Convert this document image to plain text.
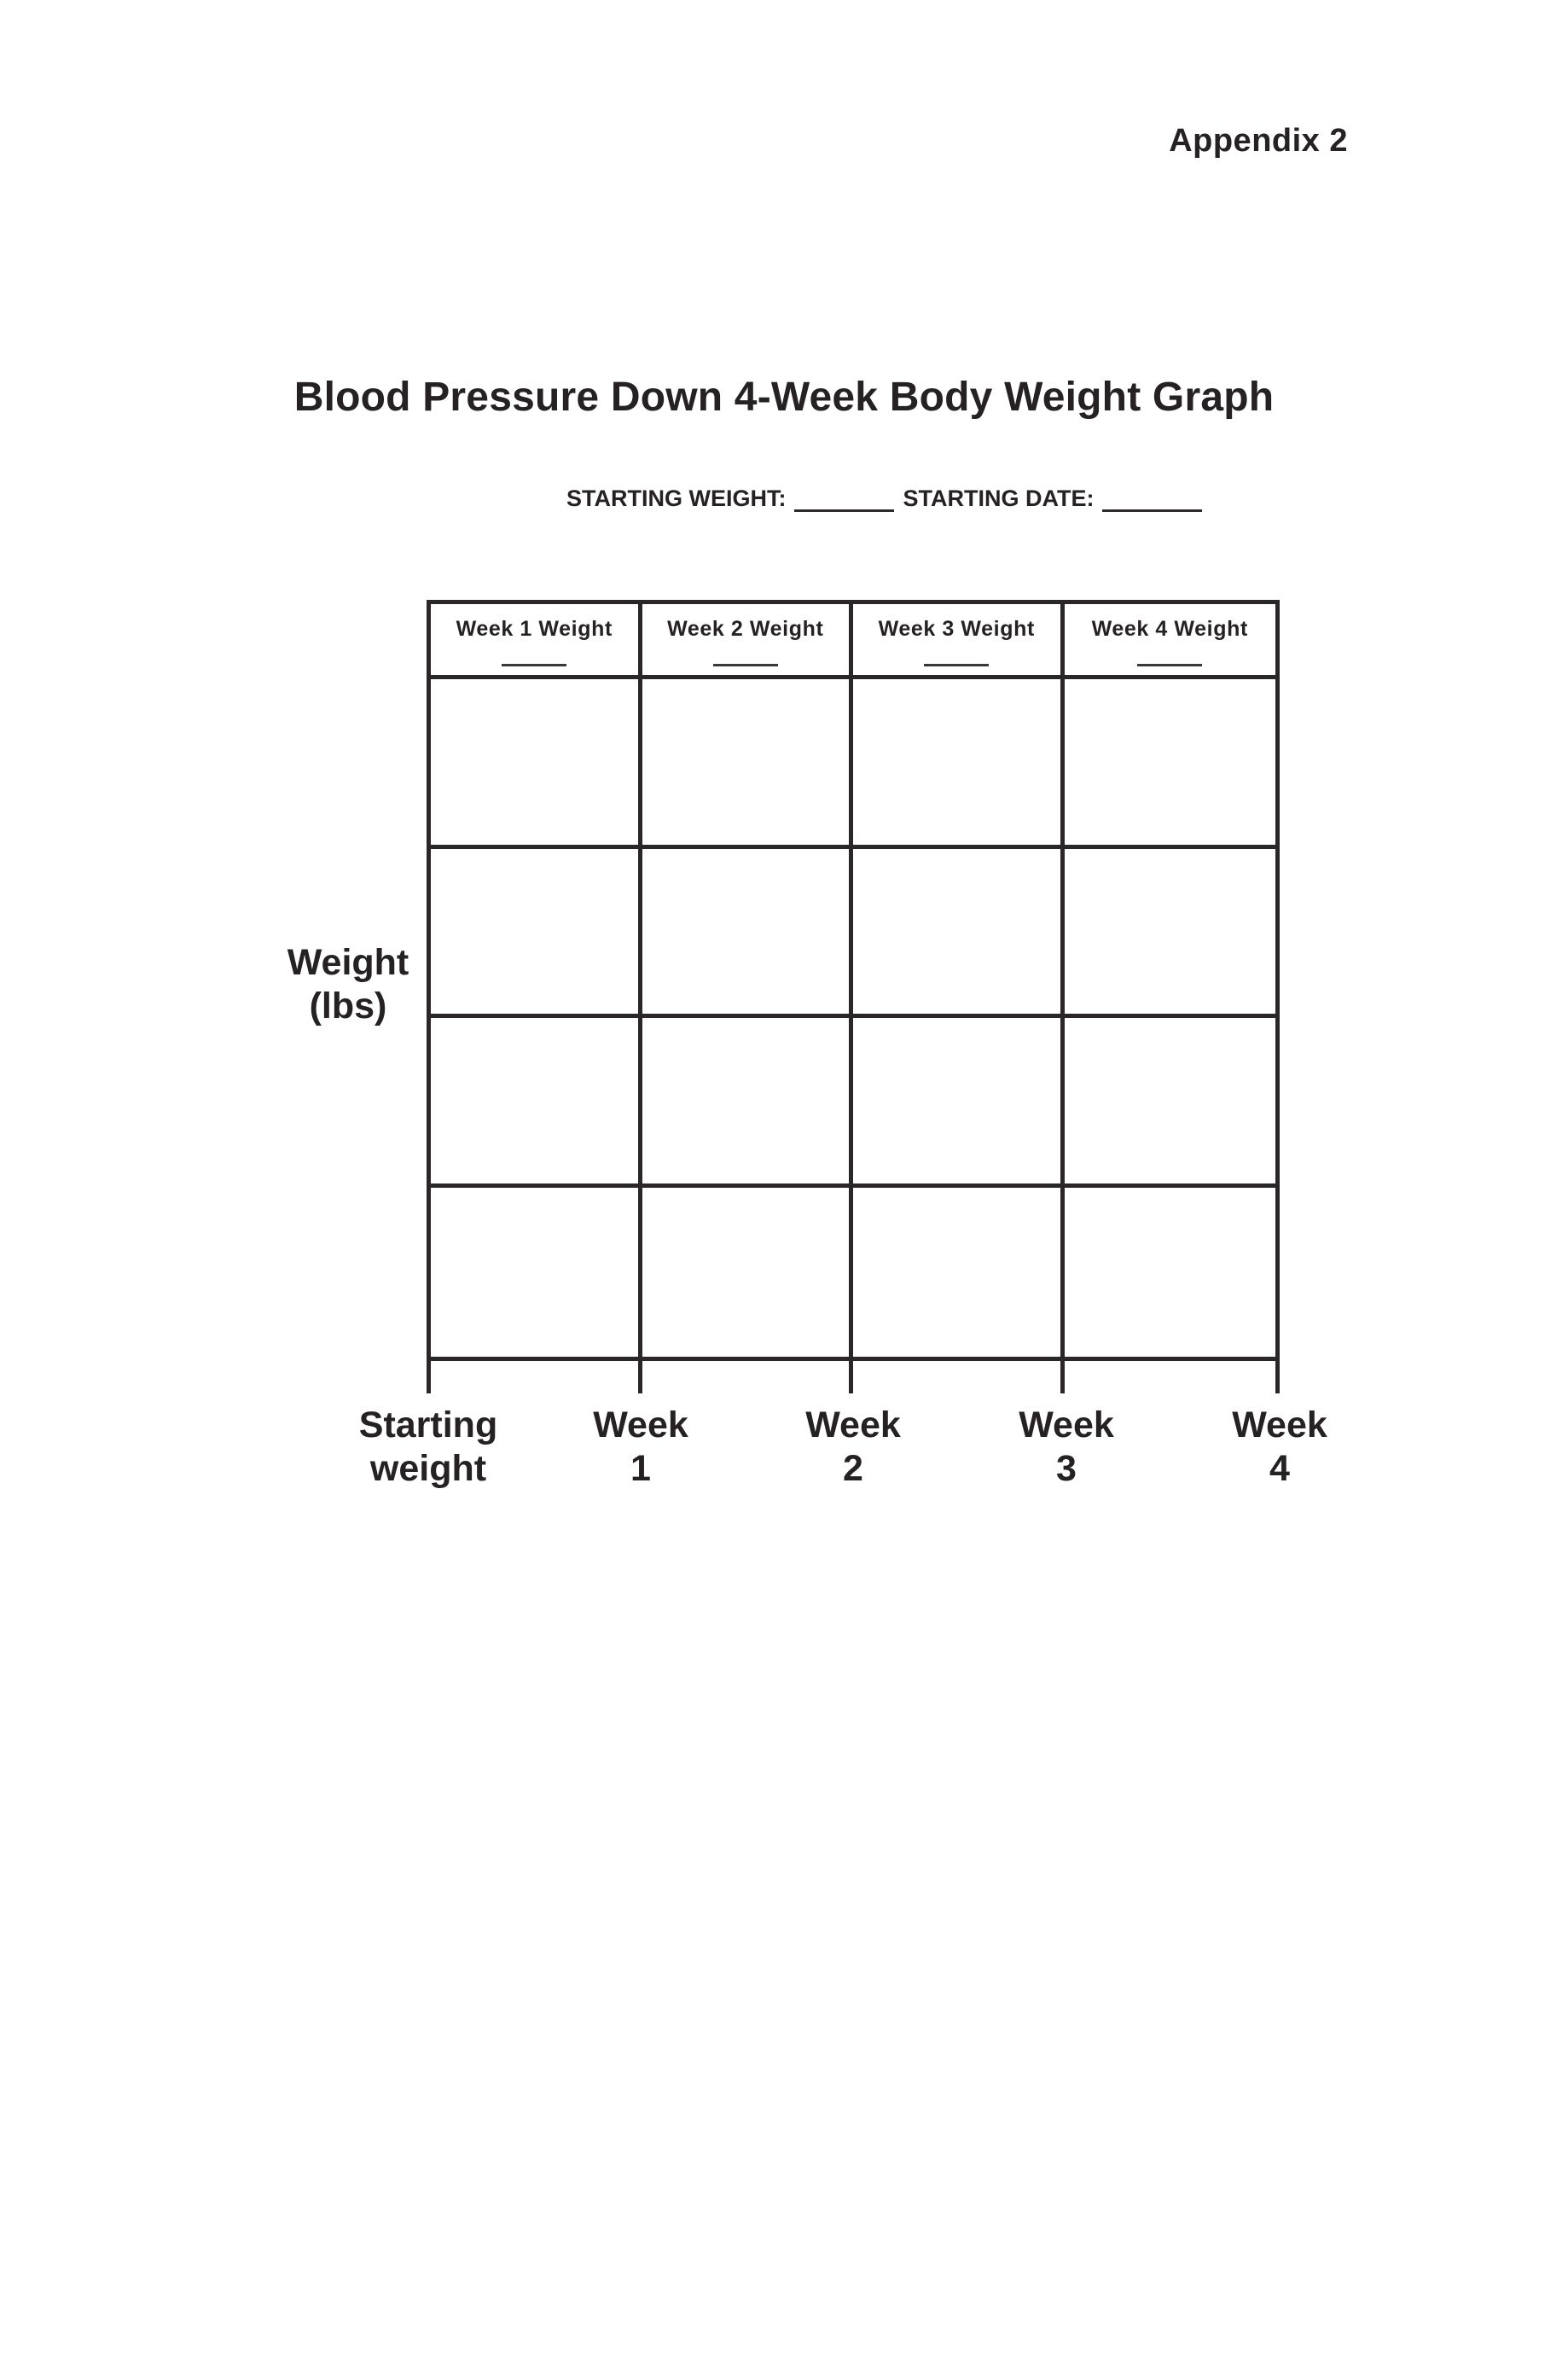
Appendix 2
Blood Pressure Down 4-Week Body Weight Graph
STARTING WEIGHT:	STARTING DATE:
Week 1 Weight	Week 2 Weight	Week 3 Weight	Week 4 Weight
Starting
weight
Week
1
Week
2
Week
3
Week
4
Weight
(lbs)
